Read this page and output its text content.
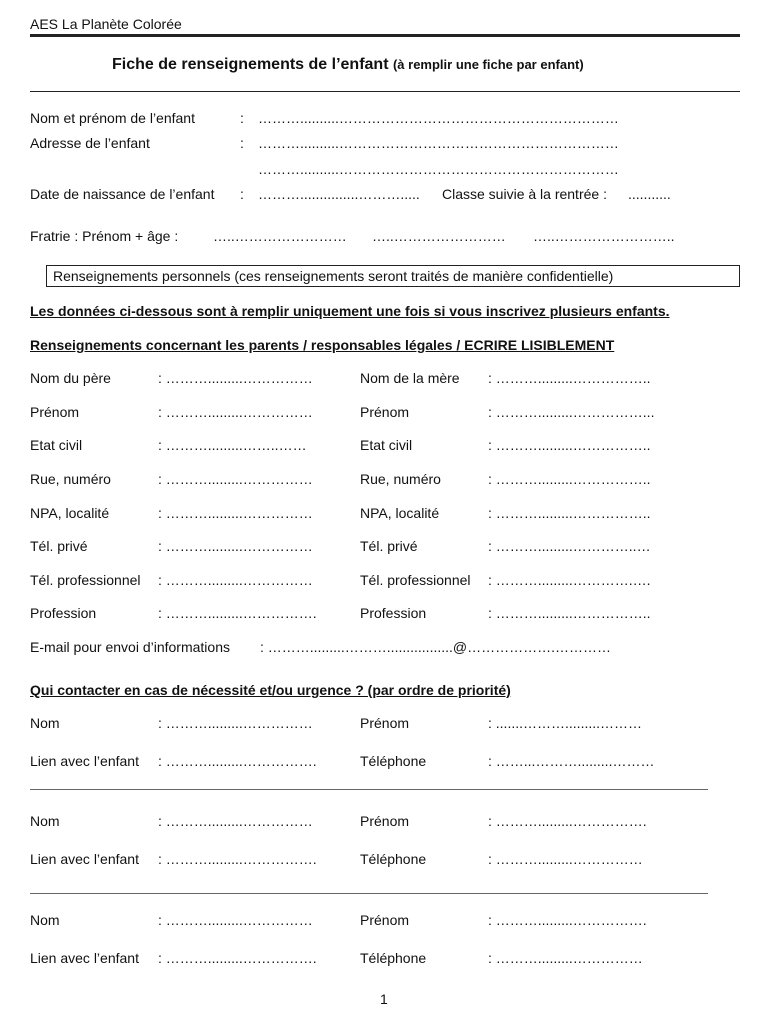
AES La Planète Colorée
Fiche de renseignements de l’enfant (à remplir une fiche par enfant)
Nom et prénom de l’enfant	: ………..........……………………………………………………
Adresse de l’enfant	: ………..........……………………………………………………
………..........……………………………………………………
Date de naissance de l’enfant : ………...............………..... Classe suivie à la rentrée : ...........
Fratrie : Prénom + âge : …..…………………… …..…………………… …..……………………..
Renseignements personnels (ces renseignements seront traités de manière confidentielle)
Les données ci-dessous sont à remplir uniquement une fois si vous inscrivez plusieurs enfants.
Renseignements concernant les parents / responsables légales / ECRIRE LISIBLEMENT
Nom du père	: ……….........……………	Nom de la mère : ……….........……………..
Prénom	: ……….........……………	Prénom	: ……….........……………...
Etat civil	: ……….........……..……	Etat civil	: ……….........……………..
Rue, numéro	: ……….........……………	Rue, numéro	: ……….........……………..
NPA, localité	: ……….........……………	NPA, localité	: ……….........……………..
Tél. privé	: ……….........……………	Tél. privé	: ……….........…………..…
Tél. professionnel : ……….........……………	Tél. professionnel : ……….........………….….
Profession	: ……….........…………….	Profession	: ……….........……………..
E-mail pour envoi d’informations : ……….........……….................@……………….…………
Qui contacter en cas de nécessité et/ou urgence ? (par ordre de priorité)
Nom	: ……….........……………	Prénom	: .......……….........………
Lien avec l’enfant : ……….........…………….	Téléphone	: ……...……….........………
Nom	: ……….........……………	Prénom	: ……….........…………….
Lien avec l’enfant : ……….........…………….	Téléphone	: ……….........……………
Nom	: ……….........……………	Prénom	: ……….........…………….
Lien avec l’enfant : ……….........…………….	Téléphone	: ……….........……………
1
